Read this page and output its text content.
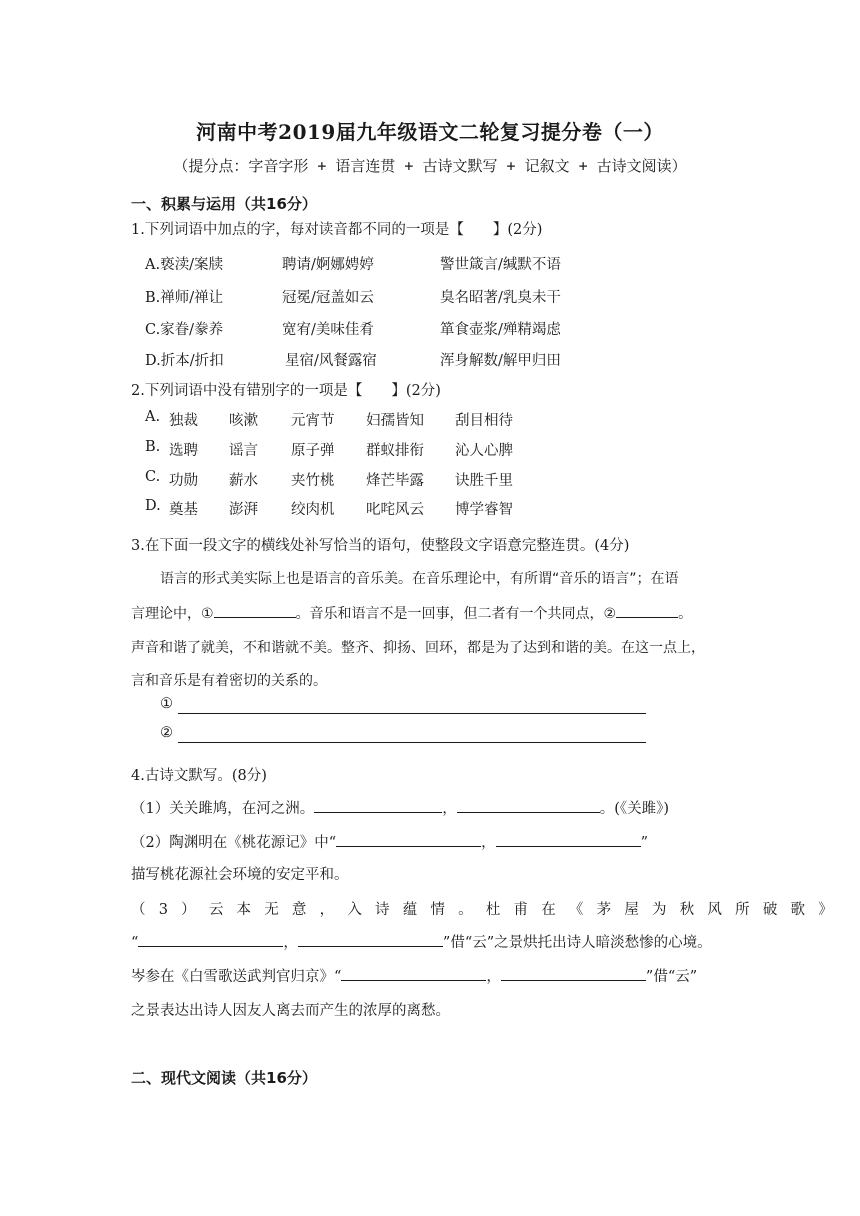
河南中考2019届九年级语文二轮复习提分卷（一）
（提分点：字音字形 + 语言连贯 + 古诗文默写 + 记叙文 + 古诗文阅读）
一、积累与运用（共16分）
1.下列词语中加点的字，每对读音都不同的一项是【　　】(2分)
A.亵渎/案牍	聘请/婀娜娉婷	警世箴言/缄默不语
B.禅师/禅让	冠冕/冠盖如云	臭名昭著/乳臭未干
C.家眷/豢养	宽宥/美味佳肴	箪食壶浆/殚精竭虑
D.折本/折扣	星宿/风餐露宿	浑身解数/解甲归田
2.下列词语中没有错别字的一项是【　　】(2分)
A. 独裁 咳漱 元宵节 妇孺皆知 刮目相待
B. 选聘 谣言 原子弹 群蚁排衔 沁人心脾
C. 功勋 薪水 夹竹桃 烽芒毕露 诀胜千里
D. 奠基 澎湃 绞肉机 叱咤风云 博学睿智
3.在下面一段文字的横线处补写恰当的语句，使整段文字语意完整连贯。(4分)
语言的形式美实际上也是语言的音乐美。在音乐理论中，有所谓“音乐的语言”；在语
言理论中，①	。音乐和语言不是一回事，但二者有一个共同点，②	。
声音和谐了就美，不和谐就不美。整齐、抑扬、回环，都是为了达到和谐的美。在这一点上，
言和音乐是有着密切的关系的。
①
②
4.古诗文默写。(8分)
（1）关关雎鸠，在河之洲。	，	。(《关雎》)
（2）陶渊明在《桃花源记》中“	，	”
描写桃花源社会环境的安定平和。
（3）云本无意，入诗蕴情。杜甫在《茅屋为秋风所破歌》
“	，	”借“云”之景烘托出诗人暗淡愁惨的心境。
岑参在《白雪歌送武判官归京》“	，	”借“云”
之景表达出诗人因友人离去而产生的浓厚的离愁。
二、现代文阅读（共16分）
